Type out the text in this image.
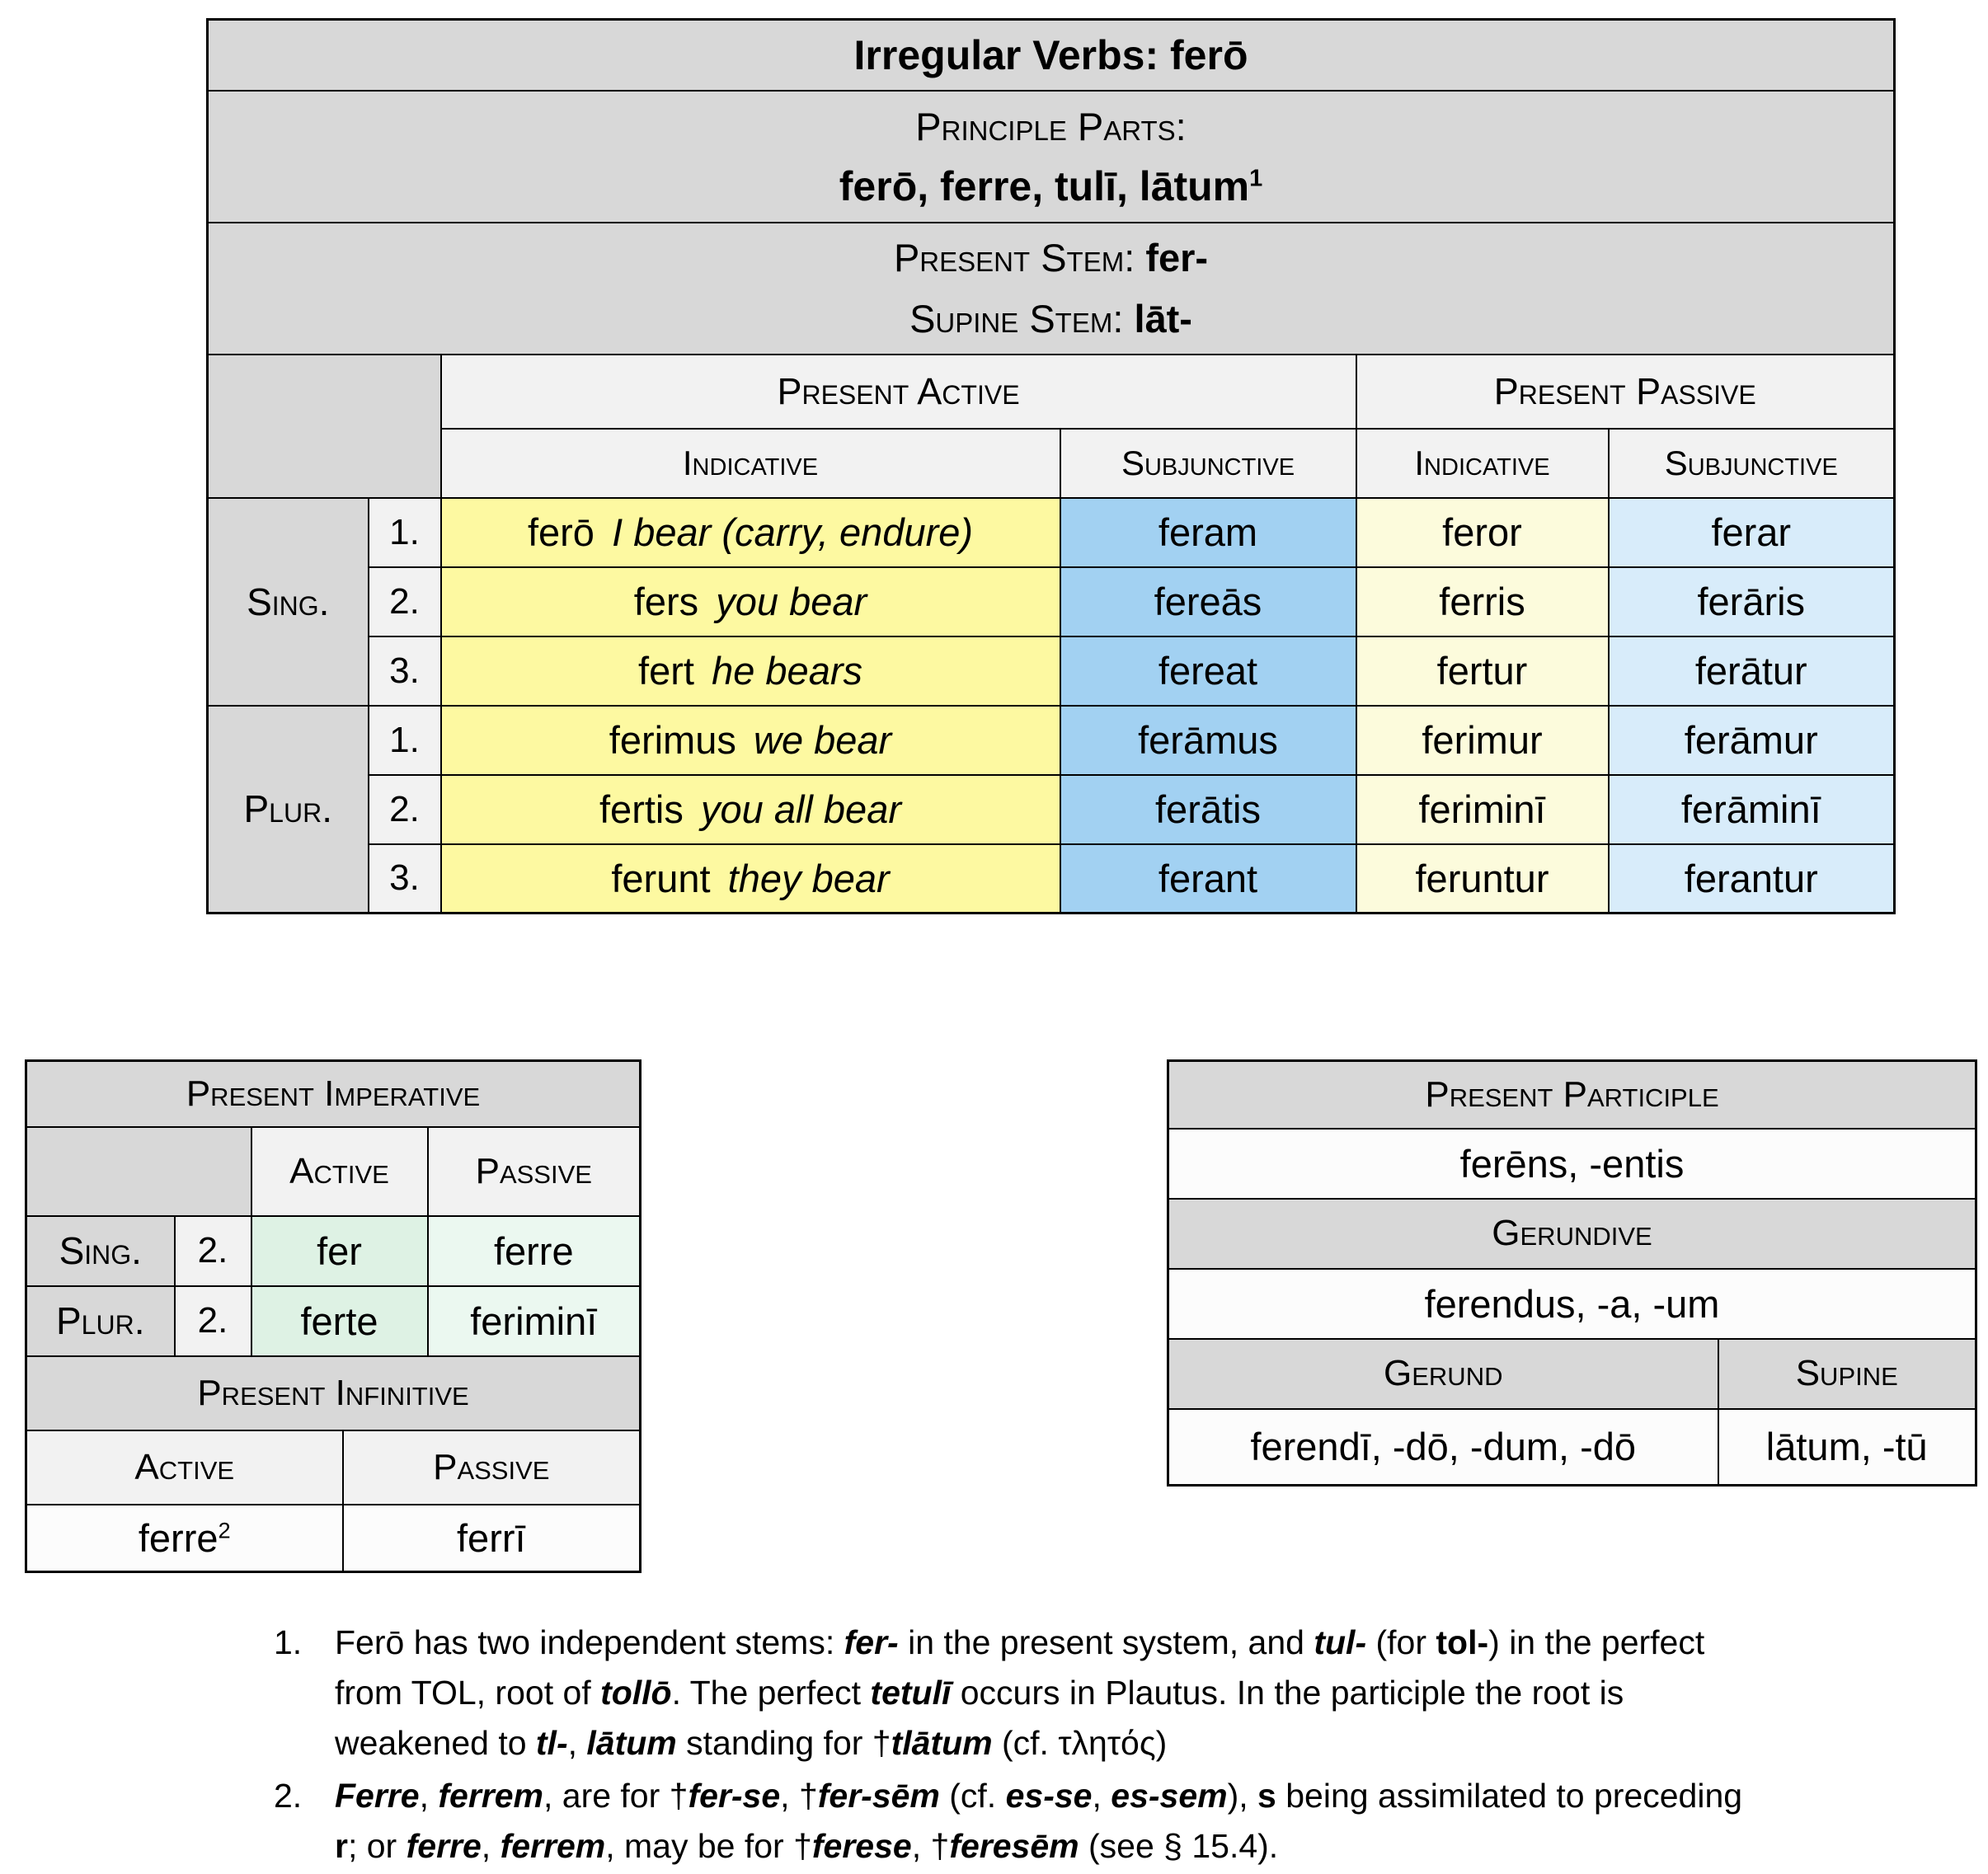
Irregular Verbs: ferō					

Principle Parts:
ferō, ferre, tulī, lātum$^1$

Present Stem: fer-
Supine Stem: lāt-					

		Present Active		Present Passive	
		Indicative	Subjunctive	Indicative	Subjunctive
Sing.	1.	ferō I bear (carry, endure)	feram	feror	ferar
	2.	fers you bear	fereās	ferris	ferāris
	3.	fert he bears	fereat	fertur	ferātur
Plur.	1.	ferimus we bear	ferāmus	ferimur	ferāmur
	2.	fertis you all bear	ferātis	feriminī	ferāminī
	3.	ferunt they bear	ferant	feruntur	ferantur
Present Imperative				
		Active		Passive
Sing.	2.	fer		ferre
Plur.	2.	ferte		feriminī
Present Infinitive				
Active			Passive	
ferre$^2$			ferrī	
Present Participle	
ferēns, -entis	
Gerundive	
ferendus, -a, -um	
Gerund	Supine
ferendī, -dō, -dum, -dō	lātum, -tū
1. Ferō has two independent stems: fer- in the present system, and tul- (for tol-) in the perfect from TOL, root of tollō. The perfect tetulī occurs in Plautus. In the participle the root is weakened to tl-, lātum standing for †tlātum (cf. τλητός)
2. Ferre, ferrem, are for †fer-se, †fer-sēm (cf. es-se, es-sem), s being assimilated to preceding r; or ferre, ferrem, may be for †ferese, †feresēm (see § 15.4).
